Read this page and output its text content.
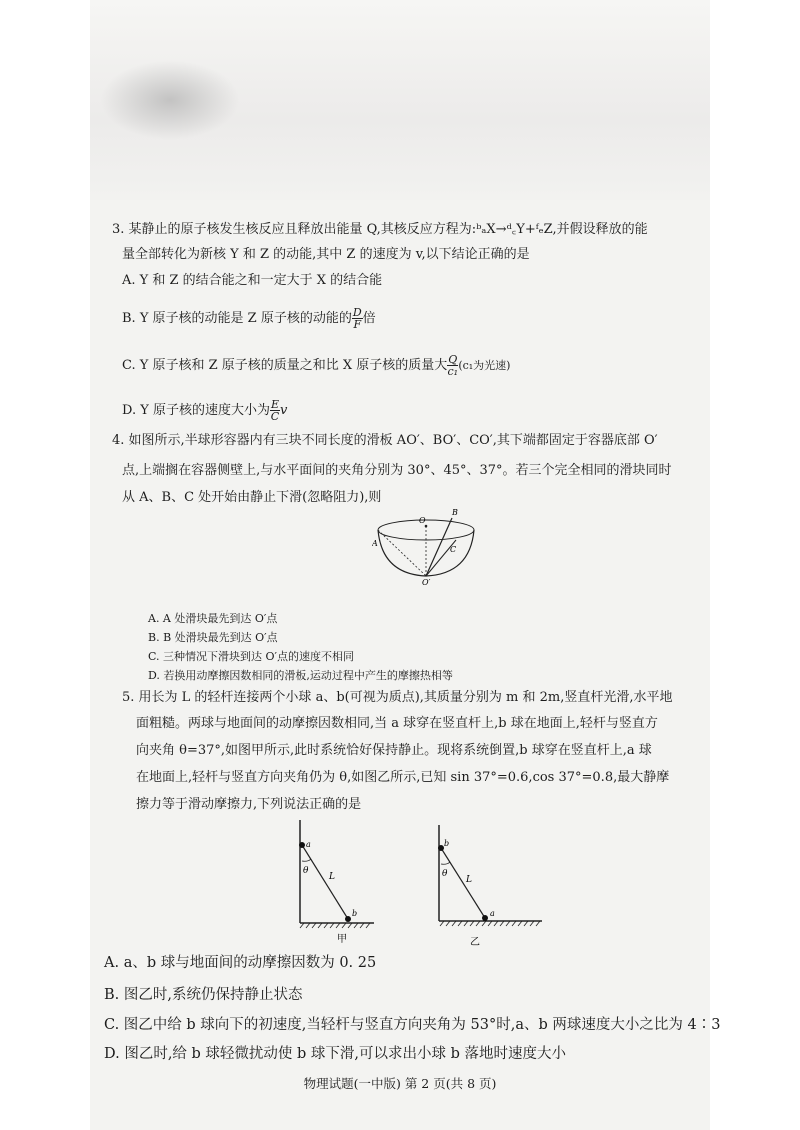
3. 某静止的原子核发生核反应且释放出能量 Q,其核反应方程为:ᵇₐX→ᵈ꜀Y+ᶠₑZ,并假设释放的能
量全部转化为新核 Y 和 Z 的动能,其中 Z 的速度为 v,以下结论正确的是
A. Y 和 Z 的结合能之和一定大于 X 的结合能
B. Y 原子核的动能是 Z 原子核的动能的 $\frac{D}{F}$ 倍
C. Y 原子核和 Z 原子核的质量之和比 X 原子核的质量大 $\frac{Q}{\text{c₁}} (c_1$为光速)
D. Y 原子核的速度大小为 $\frac{E}{C}$ v
4. 如图所示,半球形容器内有三块不同长度的滑板 AO′、BO′、CO′,其下端都固定于容器底部 O′
点,上端搁在容器侧壁上,与水平面间的夹角分别为 30°、45°、37°。若三个完全相同的滑块同时
从 A、B、C 处开始由静止下滑(忽略阻力),则
O
A
B
C
O′
A. A 处滑块最先到达 O′点
B. B 处滑块最先到达 O′点
C. 三种情况下滑块到达 O′点的速度不相同
D. 若换用动摩擦因数相同的滑板,运动过程中产生的摩擦热相等
5. 用长为 L 的轻杆连接两个小球 a、b(可视为质点),其质量分别为 m 和 2m,竖直杆光滑,水平地
面粗糙。两球与地面间的动摩擦因数相同,当 a 球穿在竖直杆上,b 球在地面上,轻杆与竖直方
向夹角 θ=37°,如图甲所示,此时系统恰好保持静止。现将系统倒置,b 球穿在竖直杆上,a 球
在地面上,轻杆与竖直方向夹角仍为 θ,如图乙所示,已知 sin 37°=0.6,cos 37°=0.8,最大静摩
擦力等于滑动摩擦力,下列说法正确的是
a
θ
L
b
甲
b
θ
L
a
乙
A. a、b 球与地面间的动摩擦因数为 0. 25
B. 图乙时,系统仍保持静止状态
C. 图乙中给 b 球向下的初速度,当轻杆与竖直方向夹角为 53°时,a、b 两球速度大小之比为 4∶3
D. 图乙时,给 b 球轻微扰动使 b 球下滑,可以求出小球 b 落地时速度大小
物理试题(一中版) 第 2 页(共 8 页)
